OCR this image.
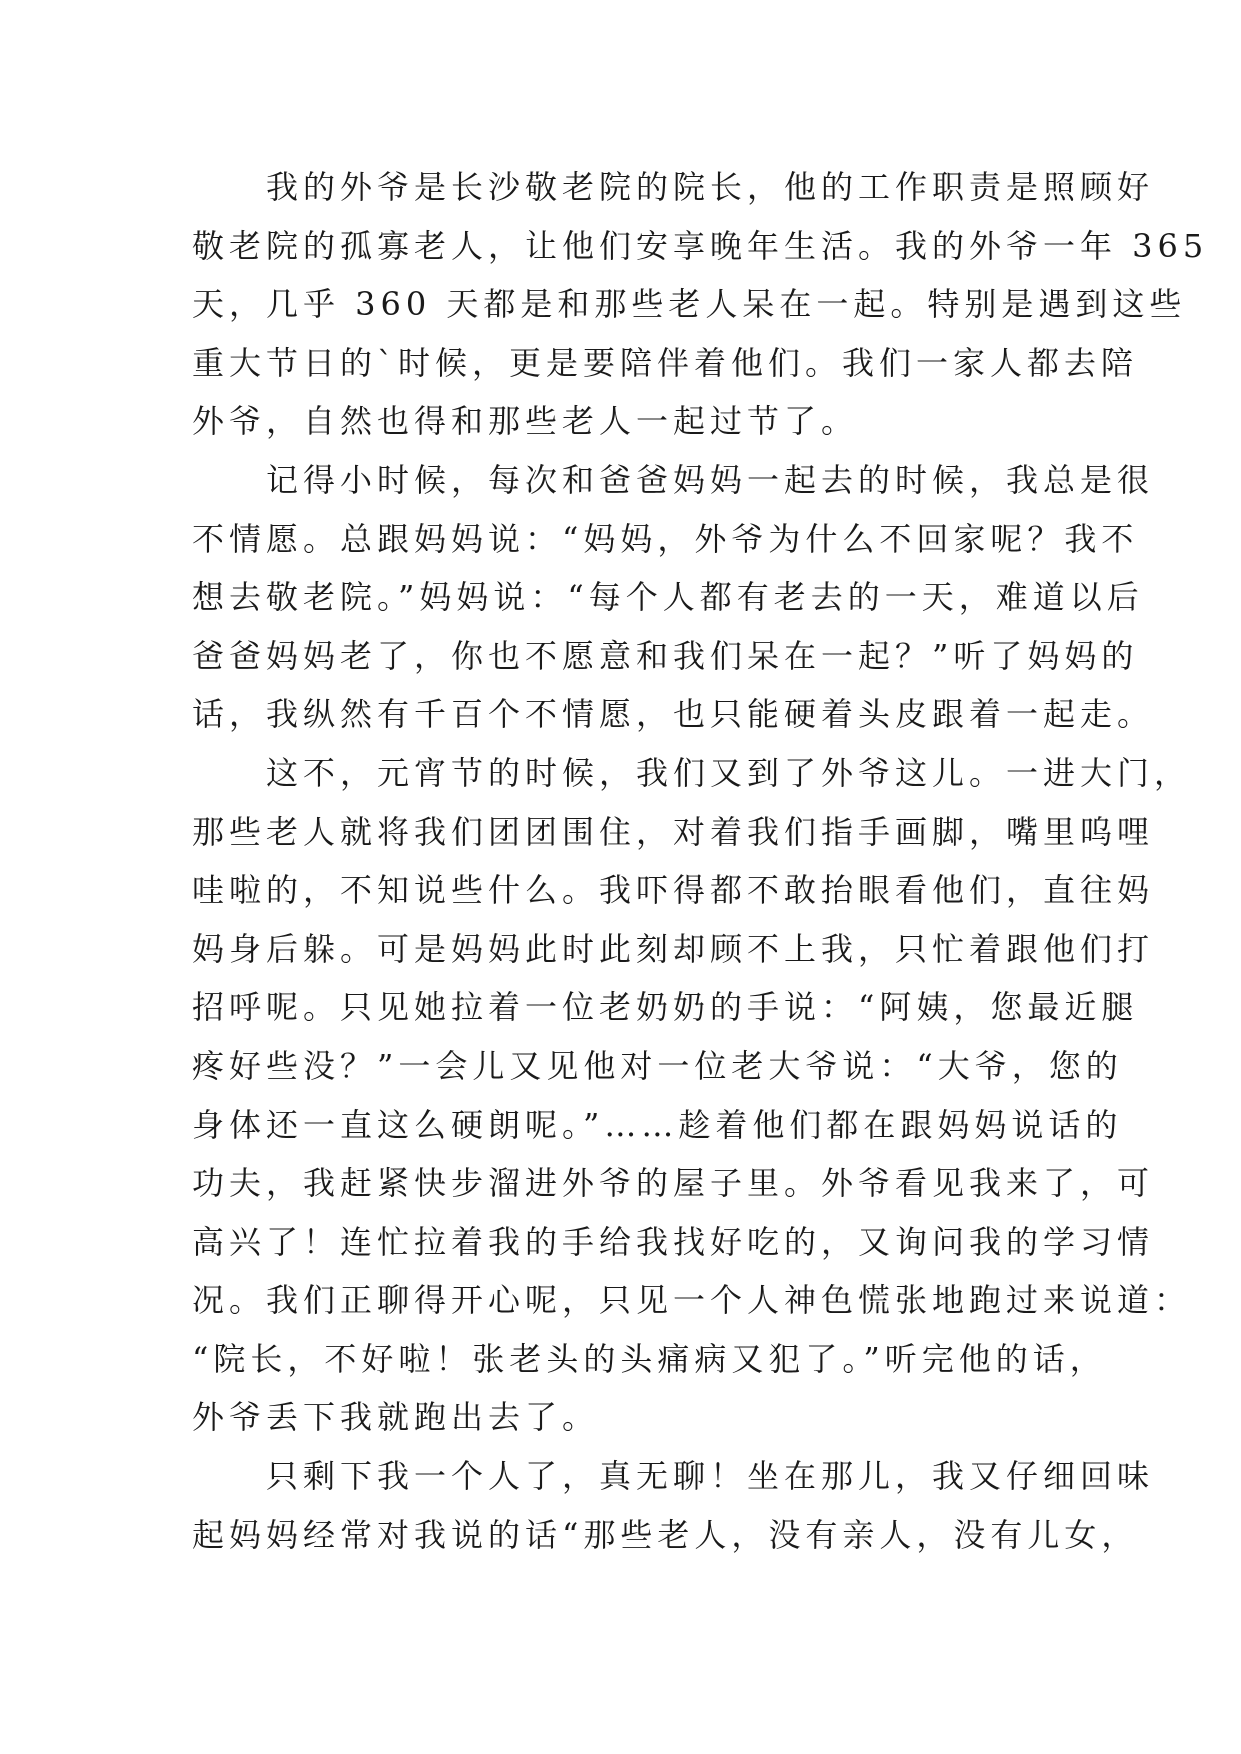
　　我的外爷是长沙敬老院的院长，他的工作职责是照顾好
敬老院的孤寡老人，让他们安享晚年生活。我的外爷一年 365
天，几乎 360 天都是和那些老人呆在一起。特别是遇到这些
重大节日的`时候，更是要陪伴着他们。我们一家人都去陪
外爷，自然也得和那些老人一起过节了。
　　记得小时候，每次和爸爸妈妈一起去的时候，我总是很
不情愿。总跟妈妈说：“妈妈，外爷为什么不回家呢？我不
想去敬老院。”妈妈说：“每个人都有老去的一天，难道以后
爸爸妈妈老了，你也不愿意和我们呆在一起？”听了妈妈的
话，我纵然有千百个不情愿，也只能硬着头皮跟着一起走。
　　这不，元宵节的时候，我们又到了外爷这儿。一进大门，
那些老人就将我们团团围住，对着我们指手画脚，嘴里呜哩
哇啦的，不知说些什么。我吓得都不敢抬眼看他们，直往妈
妈身后躲。可是妈妈此时此刻却顾不上我，只忙着跟他们打
招呼呢。只见她拉着一位老奶奶的手说：“阿姨，您最近腿
疼好些没？”一会儿又见他对一位老大爷说：“大爷，您的
身体还一直这么硬朗呢。”……趁着他们都在跟妈妈说话的
功夫，我赶紧快步溜进外爷的屋子里。外爷看见我来了，可
高兴了！连忙拉着我的手给我找好吃的，又询问我的学习情
况。我们正聊得开心呢，只见一个人神色慌张地跑过来说道：
“院长，不好啦！张老头的头痛病又犯了。”听完他的话，
外爷丢下我就跑出去了。
　　只剩下我一个人了，真无聊！坐在那儿，我又仔细回味
起妈妈经常对我说的话“那些老人，没有亲人，没有儿女，
